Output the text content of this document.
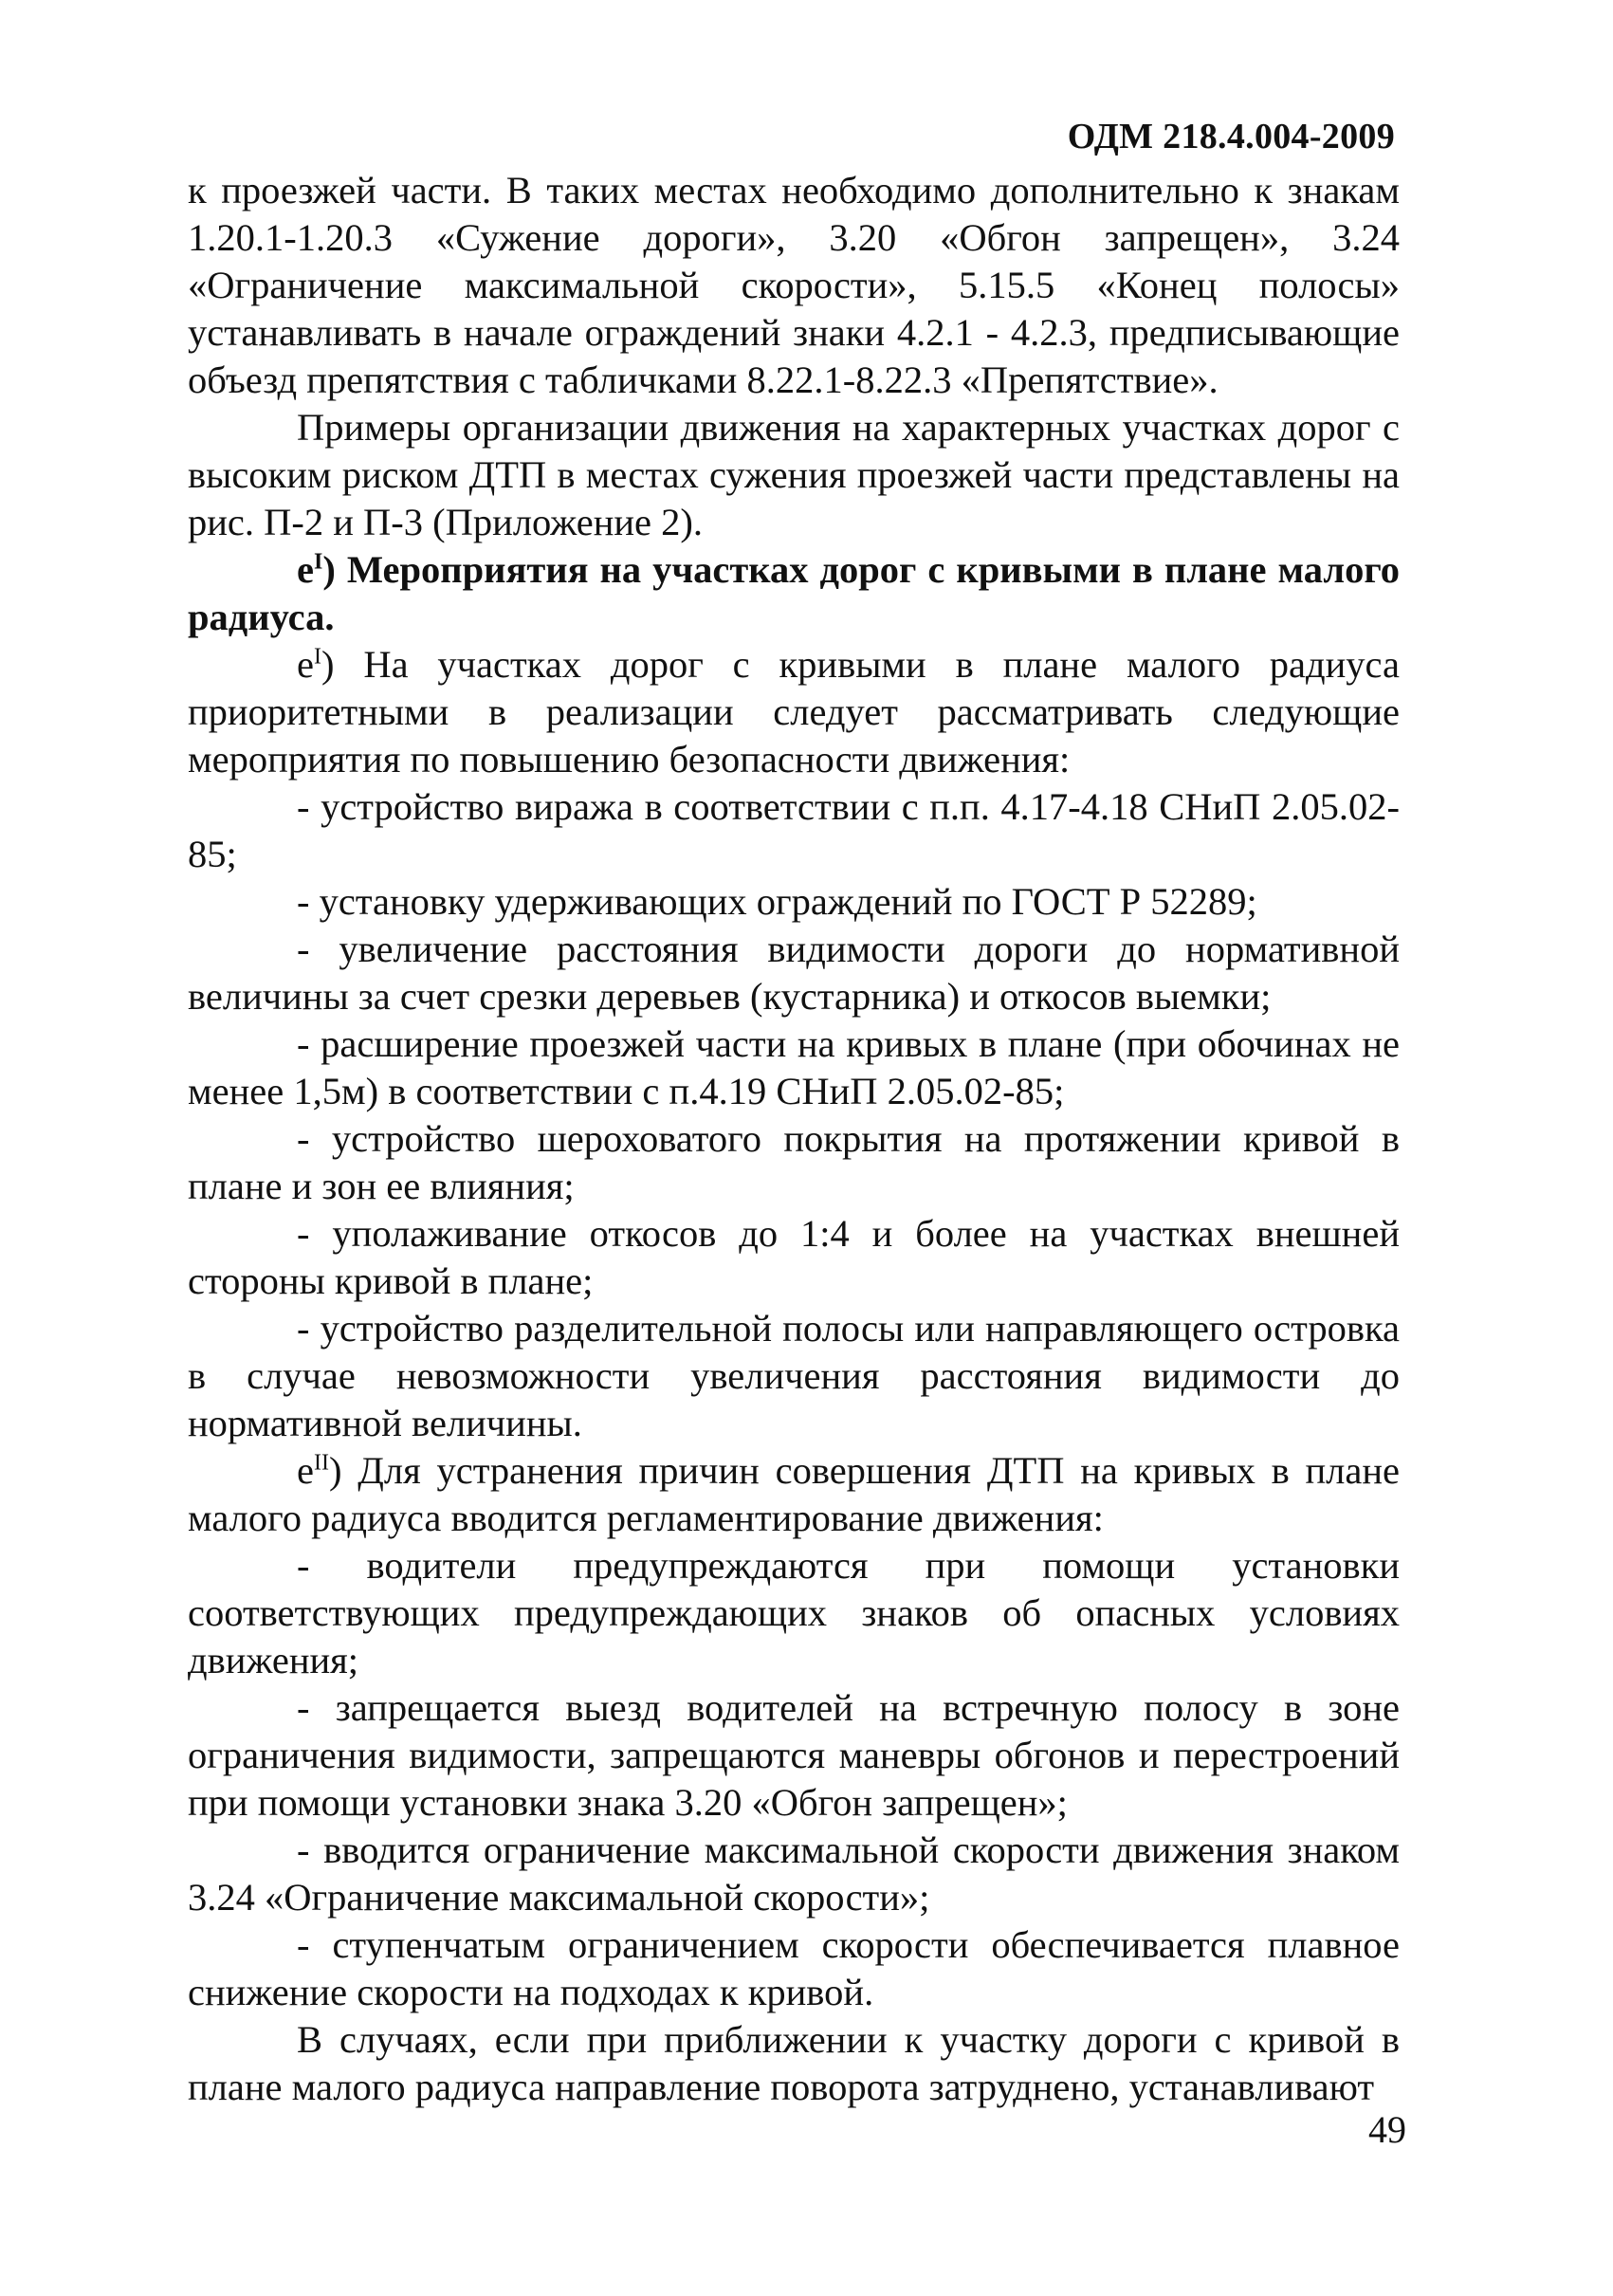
ОДМ 218.4.004-2009

к проезжей части. В таких местах необходимо дополнительно к знакам 1.20.1-1.20.3 «Сужение дороги», 3.20 «Обгон запрещен», 3.24 «Ограничение максимальной скорости», 5.15.5 «Конец полосы» устанавливать в начале ограждений знаки 4.2.1 - 4.2.3, предписывающие объезд препятствия с табличками 8.22.1-8.22.3 «Препятствие».

Примеры организации движения на характерных участках дорог с высоким риском ДТП в местах сужения проезжей части представлены на рис. П-2 и П-3 (Приложение 2).

$е^I$) Мероприятия на участках дорог с кривыми в плане малого радиуса.

$е^I$) На участках дорог с кривыми в плане малого радиуса приоритетными в реализации следует рассматривать следующие мероприятия по повышению безопасности движения:

- устройство виража в соответствии с п.п. 4.17-4.18 СНиП 2.05.02-85;

- установку удерживающих ограждений по ГОСТ Р 52289;

- увеличение расстояния видимости дороги до нормативной величины за счет срезки деревьев (кустарника) и откосов выемки;

- расширение проезжей части на кривых в плане (при обочинах не менее 1,5м) в соответствии с п.4.19 СНиП 2.05.02-85;

- устройство шероховатого покрытия на протяжении кривой в плане и зон ее влияния;

- уполаживание откосов до 1:4 и более на участках внешней стороны кривой в плане;

- устройство разделительной полосы или направляющего островка в случае невозможности увеличения расстояния видимости до нормативной величины.

$е^{II}$) Для устранения причин совершения ДТП на кривых в плане малого радиуса вводится регламентирование движения:

- водители предупреждаются при помощи установки соответствующих предупреждающих знаков об опасных условиях движения;

- запрещается выезд водителей на встречную полосу в зоне ограничения видимости, запрещаются маневры обгонов и перестроений при помощи установки знака 3.20 «Обгон запрещен»;

- вводится ограничение максимальной скорости движения знаком 3.24 «Ограничение максимальной скорости»;

- ступенчатым ограничением скорости обеспечивается плавное снижение скорости на подходах к кривой.

В случаях, если при приближении к участку дороги с кривой в плане малого радиуса направление поворота затруднено, устанавливают

49
